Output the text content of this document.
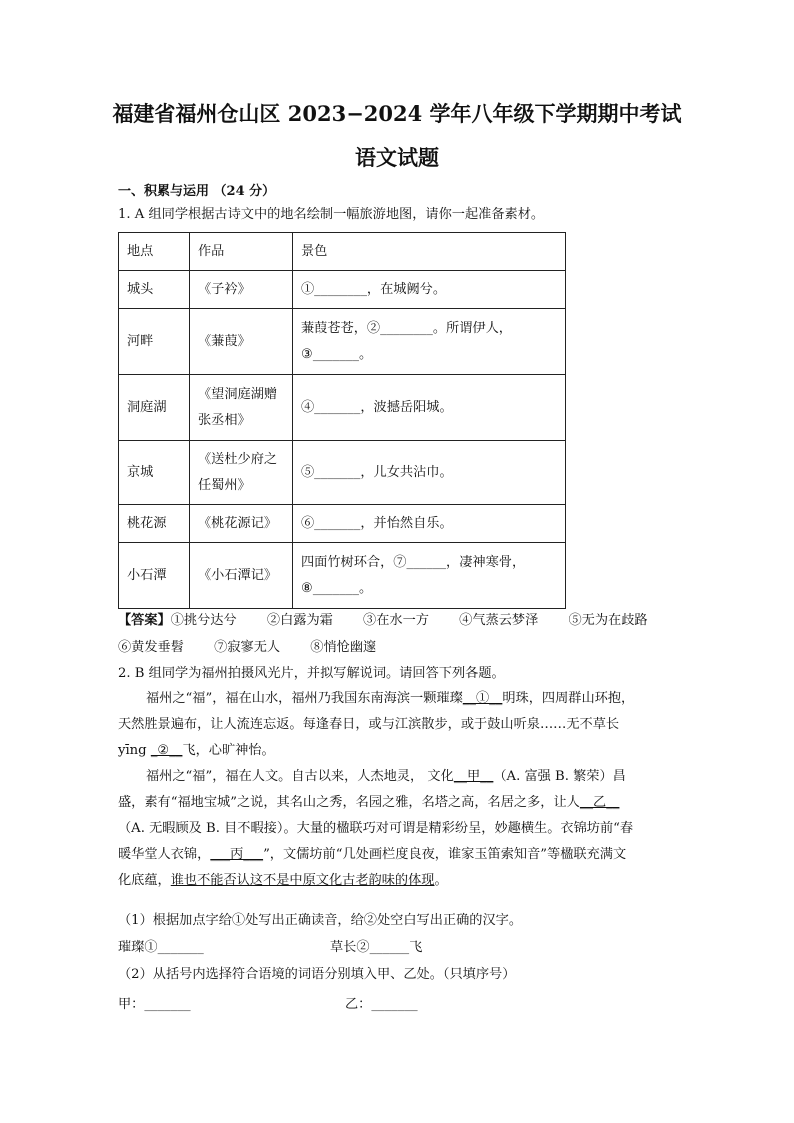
福建省福州仓山区 2023−2024 学年八年级下学期期中考试
语文试题
一、积累与运用 （24 分）
1. A 组同学根据古诗文中的地名绘制一幅旅游地图，请你一起准备素材。
地点	作品	景色
城头	《子衿》	①________，在城阙兮。
河畔	《蒹葭》	蒹葭苍苍，②________。所谓伊人，
③_______。

洞庭湖	《望洞庭湖赠
张丞相》	④_______，波撼岳阳城。
京城	《送杜少府之
任蜀州》	⑤_______，儿女共沾巾。
桃花源	《桃花源记》	⑥_______，并怡然自乐。
小石潭	《小石潭记》	四面竹树环合，⑦______，凄神寒骨，
⑧_______。
【答案】①挑兮达兮 ②白露为霜 ③在水一方 ④气蒸云梦泽 ⑤无为在歧路
⑥黄发垂髫 ⑦寂寥无人 ⑧悄怆幽邃
2. B 组同学为福州拍摄风光片，并拟写解说词。请回答下列各题。
福州之“福”，福在山水，福州乃我国东南海滨一颗璀璨__①__明珠，四周群山环抱，
天然胜景遍布，让人流连忘返。每逢春日，或与江滨散步，或于鼓山听泉……无不草长
yīng _②__飞，心旷神怡。
福州之“福”，福在人文。自古以来，人杰地灵， 文化__甲__（A. 富强 B. 繁荣）昌
盛，素有“福地宝城”之说，其名山之秀，名园之雅，名塔之高，名居之多，让人__乙__
（A. 无暇顾及 B. 目不暇接）。大量的楹联巧对可谓是精彩纷呈，妙趣横生。衣锦坊前“春
暖华堂人衣锦，___丙___”，文儒坊前“几处画栏度良夜，谁家玉笛索知音”等楹联充满文
化底蕴，谁也不能否认这不是中原文化古老韵味的体现。
（1）根据加点字给①处写出正确读音，给②处空白写出正确的汉字。
璀璨①_______	草长②______飞
（2）从括号内选择符合语境的词语分别填入甲、乙处。（只填序号）
甲：_______	乙：_______
